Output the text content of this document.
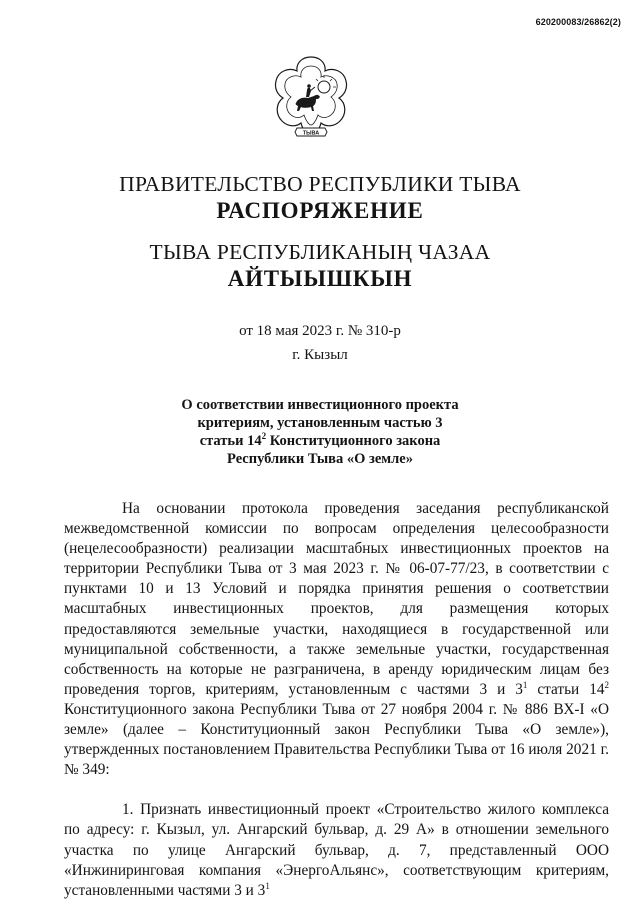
620200083/26862(2)
ТЫВА
ПРАВИТЕЛЬСТВО РЕСПУБЛИКИ ТЫВА
РАСПОРЯЖЕНИЕ
ТЫВА РЕСПУБЛИКАНЫҢ ЧАЗАА
АЙТЫЫШКЫН
от 18 мая 2023 г. № 310-р
г. Кызыл
О соответствии инвестиционного проекта
критериям, установленным частью 3
статьи $14^2$ Конституционного закона
Республики Тыва «О земле»

На основании протокола проведения заседания республиканской межведомственной комиссии по вопросам определения целесообразности (нецелесообразности) реализации масштабных инвестиционных проектов на территории Республики Тыва от 3 мая 2023 г. № 06-07-77/23, в соответствии с пунктами 10 и 13 Условий и порядка принятия решения о соответствии масштабных инвестиционных проектов, для размещения которых предоставляются земельные участки, находящиеся в государственной или муниципальной собственности, а также земельные участки, государственная собственность на которые не разграничена, в аренду юридическим лицам без проведения торгов, критериям, установленным с частями 3 и $3^1$ статьи $14^2$ Конституционного закона Республики Тыва от 27 ноября 2004 г. № 886 ВХ-I «О земле» (далее – Конституционный закон Республики Тыва «О земле»), утвержденных постановлением Правительства Республики Тыва от 16 июля 2021 г. № 349:

1. Признать инвестиционный проект «Строительство жилого комплекса по адресу: г. Кызыл, ул. Ангарский бульвар, д. 29 А» в отношении земельного участка по улице Ангарский бульвар, д. 7, представленный ООО «Инжиниринговая компания «ЭнергоАльянс», соответствующим критериям, установленными частями 3 и $3^1$
